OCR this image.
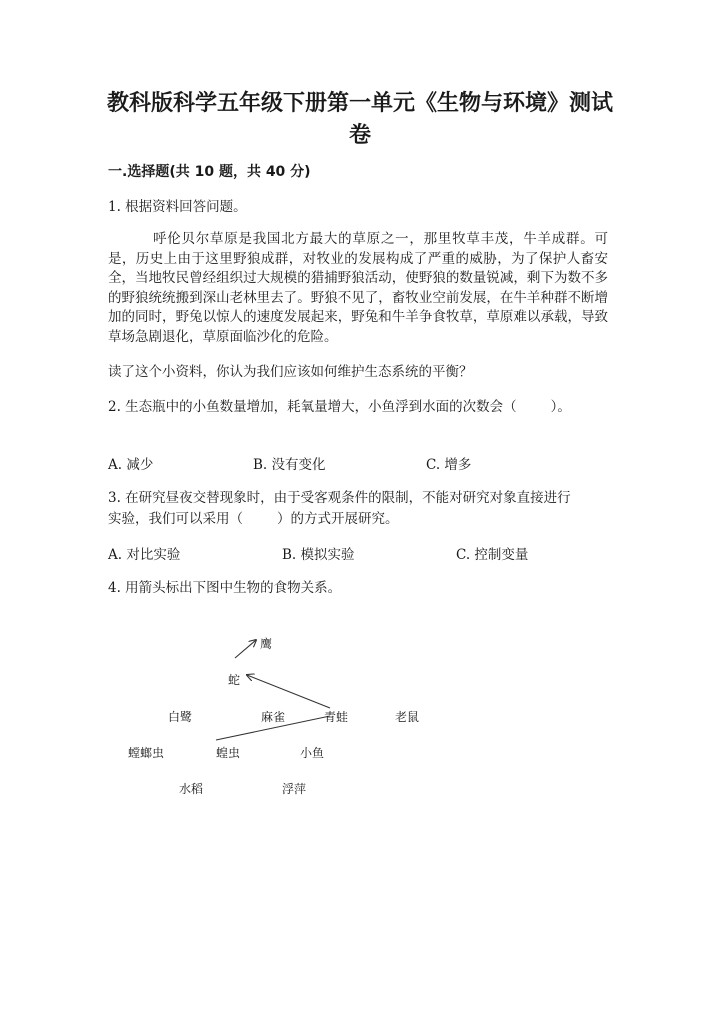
教科版科学五年级下册第一单元《生物与环境》测试卷
一.选择题(共 10 题，共 40 分)
1. 根据资料回答问题。
呼伦贝尔草原是我国北方最大的草原之一，那里牧草丰茂，牛羊成群。可是，历史上由于这里野狼成群，对牧业的发展构成了严重的威胁，为了保护人畜安全，当地牧民曾经组织过大规模的猎捕野狼活动，使野狼的数量锐减，剩下为数不多的野狼统统搬到深山老林里去了。野狼不见了，畜牧业空前发展，在牛羊种群不断增加的同时，野兔以惊人的速度发展起来，野兔和牛羊争食牧草，草原难以承载，导致草场急剧退化，草原面临沙化的危险。
读了这个小资料，你认为我们应该如何维护生态系统的平衡？
2. 生态瓶中的小鱼数量增加，耗氧量增大，小鱼浮到水面的次数会（	）。
A. 减少	B. 没有变化	C. 增多
3. 在研究昼夜交替现象时，由于受客观条件的限制，不能对研究对象直接进行
实验，我们可以采用（	）的方式开展研究。
A. 对比实验	B. 模拟实验	C. 控制变量
4. 用箭头标出下图中生物的食物关系。
鹰
蛇
白鹭	麻雀	青蛙	老鼠
螳螂虫	蝗虫	小鱼
水稻	浮萍
